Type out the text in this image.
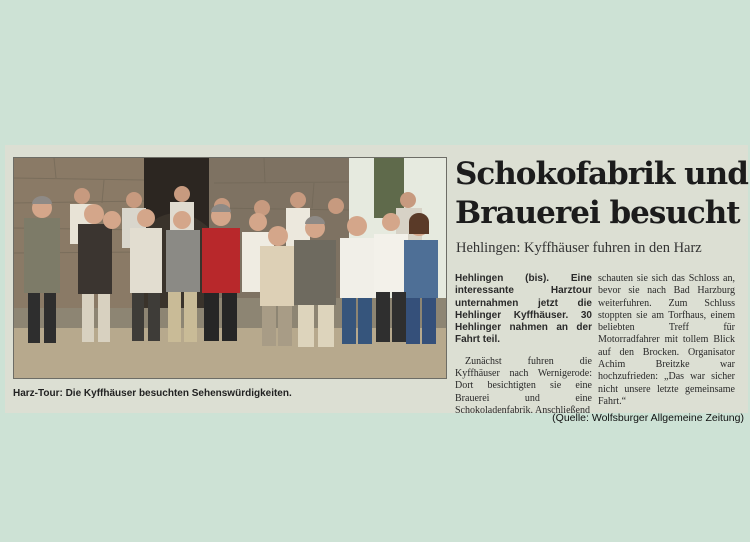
Harz-Tour: Die Kyffhäuser besuchten Sehenswürdigkeiten.
Schokofabrik und Brauerei besucht
Hehlingen: Kyffhäuser fuhren in den Harz

Hehlingen (bis). Eine interessante Harztour unternahmen jetzt die Hehlinger Kyffhäuser. 30 Hehlinger nahmen an der Fahrt teil.

Zunächst fuhren die Kyffhäuser nach Wernigerode: Dort besichtigten sie eine Brauerei und eine Schokoladenfabrik. Anschließend

schauten sie sich das Schloss an, bevor sie nach Bad Harzburg weiterfuhren. Zum Schluss stoppten sie am Torfhaus, einem beliebten Treff für Motorradfahrer mit tollem Blick auf den Brocken. Organisator Achim Breitzke war hochzufrieden: „Das war sicher nicht unsere letzte gemeinsame Fahrt.“

(Quelle: Wolfsburger Allgemeine Zeitung)
